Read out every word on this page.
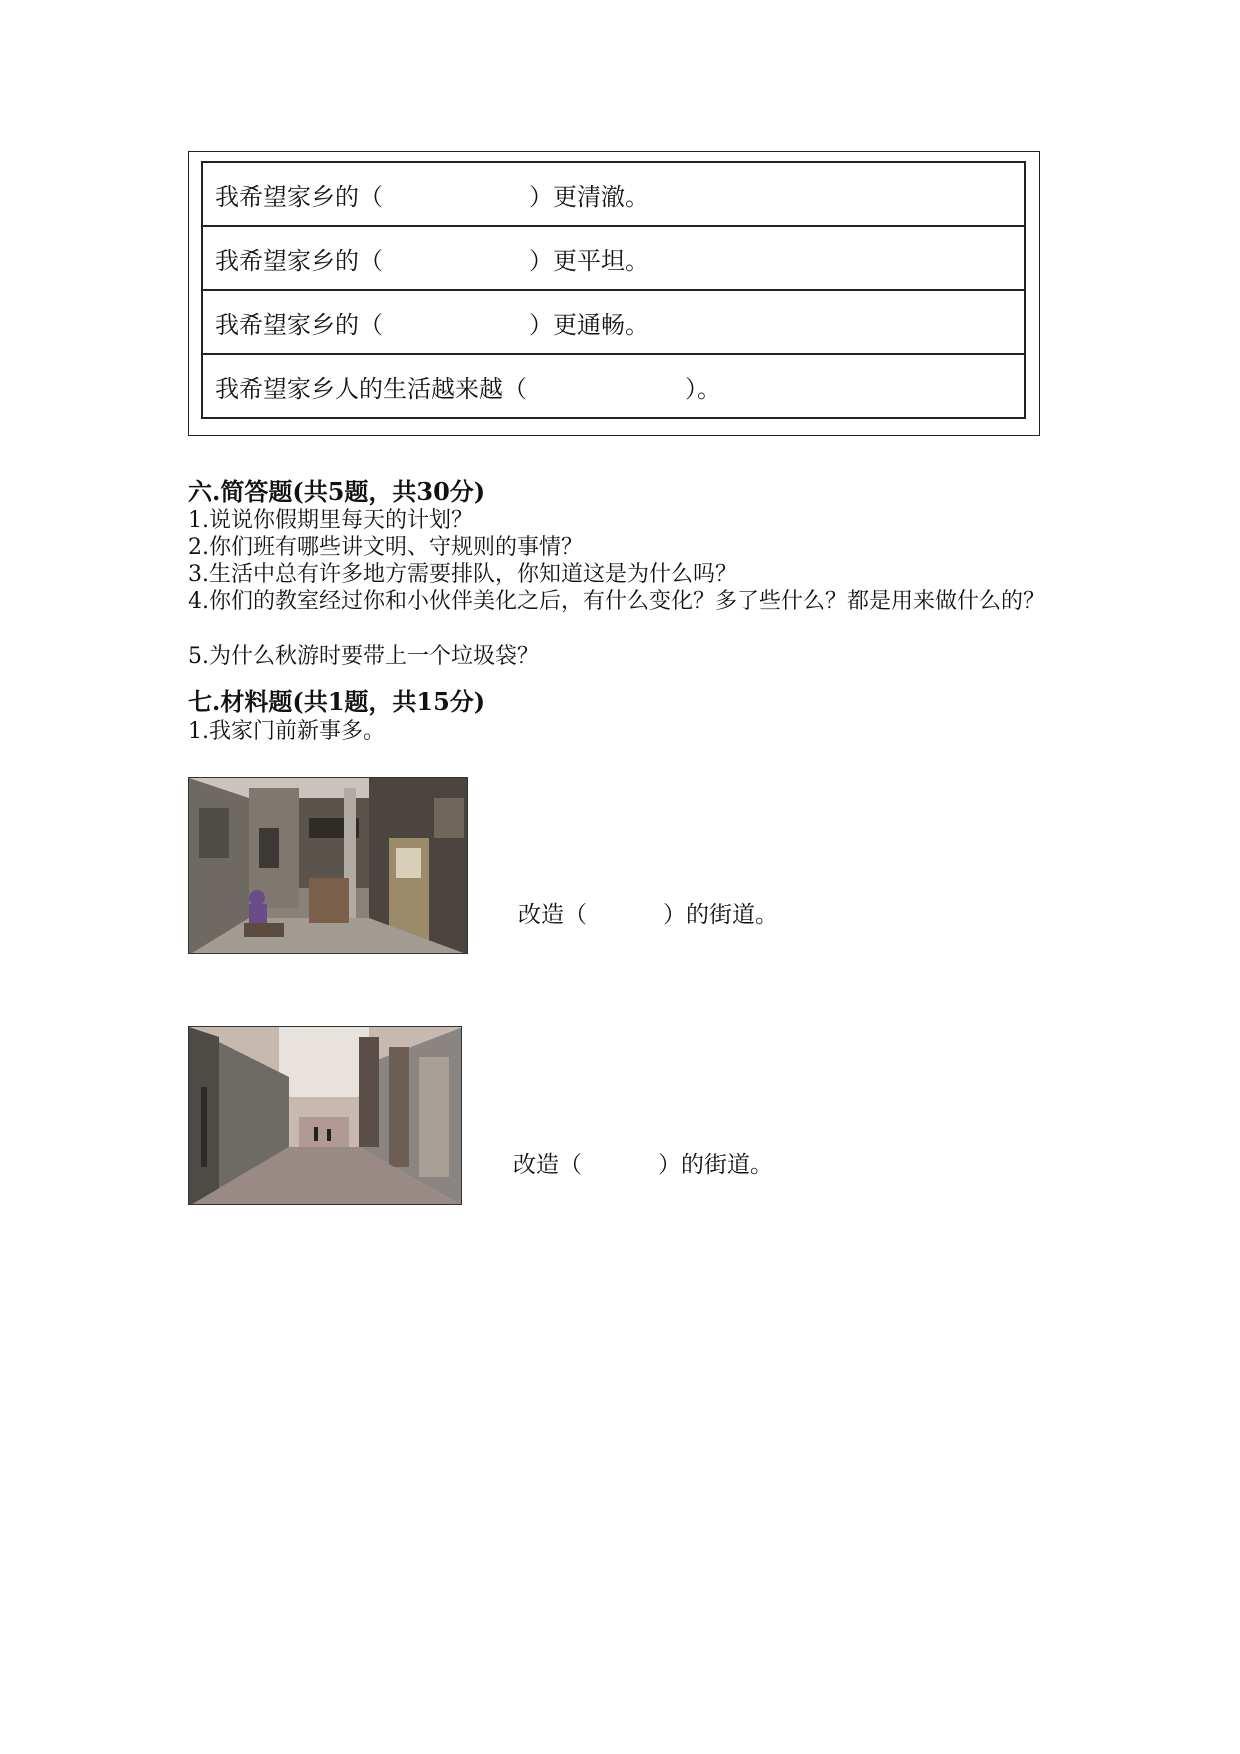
我希望家乡的（	）更清澈。
我希望家乡的（	）更平坦。
我希望家乡的（	）更通畅。
我希望家乡人的生活越来越（	）。
六.简答题(共5题，共30分)
1.说说你假期里每天的计划？
2.你们班有哪些讲文明、守规则的事情？
3.生活中总有许多地方需要排队，你知道这是为什么吗？
4.你们的教室经过你和小伙伴美化之后，有什么变化？多了些什么？都是用来做什么的？
5.为什么秋游时要带上一个垃圾袋？
七.材料题(共1题，共15分)
1.我家门前新事多。
改造（	）的街道。
改造（	）的街道。
